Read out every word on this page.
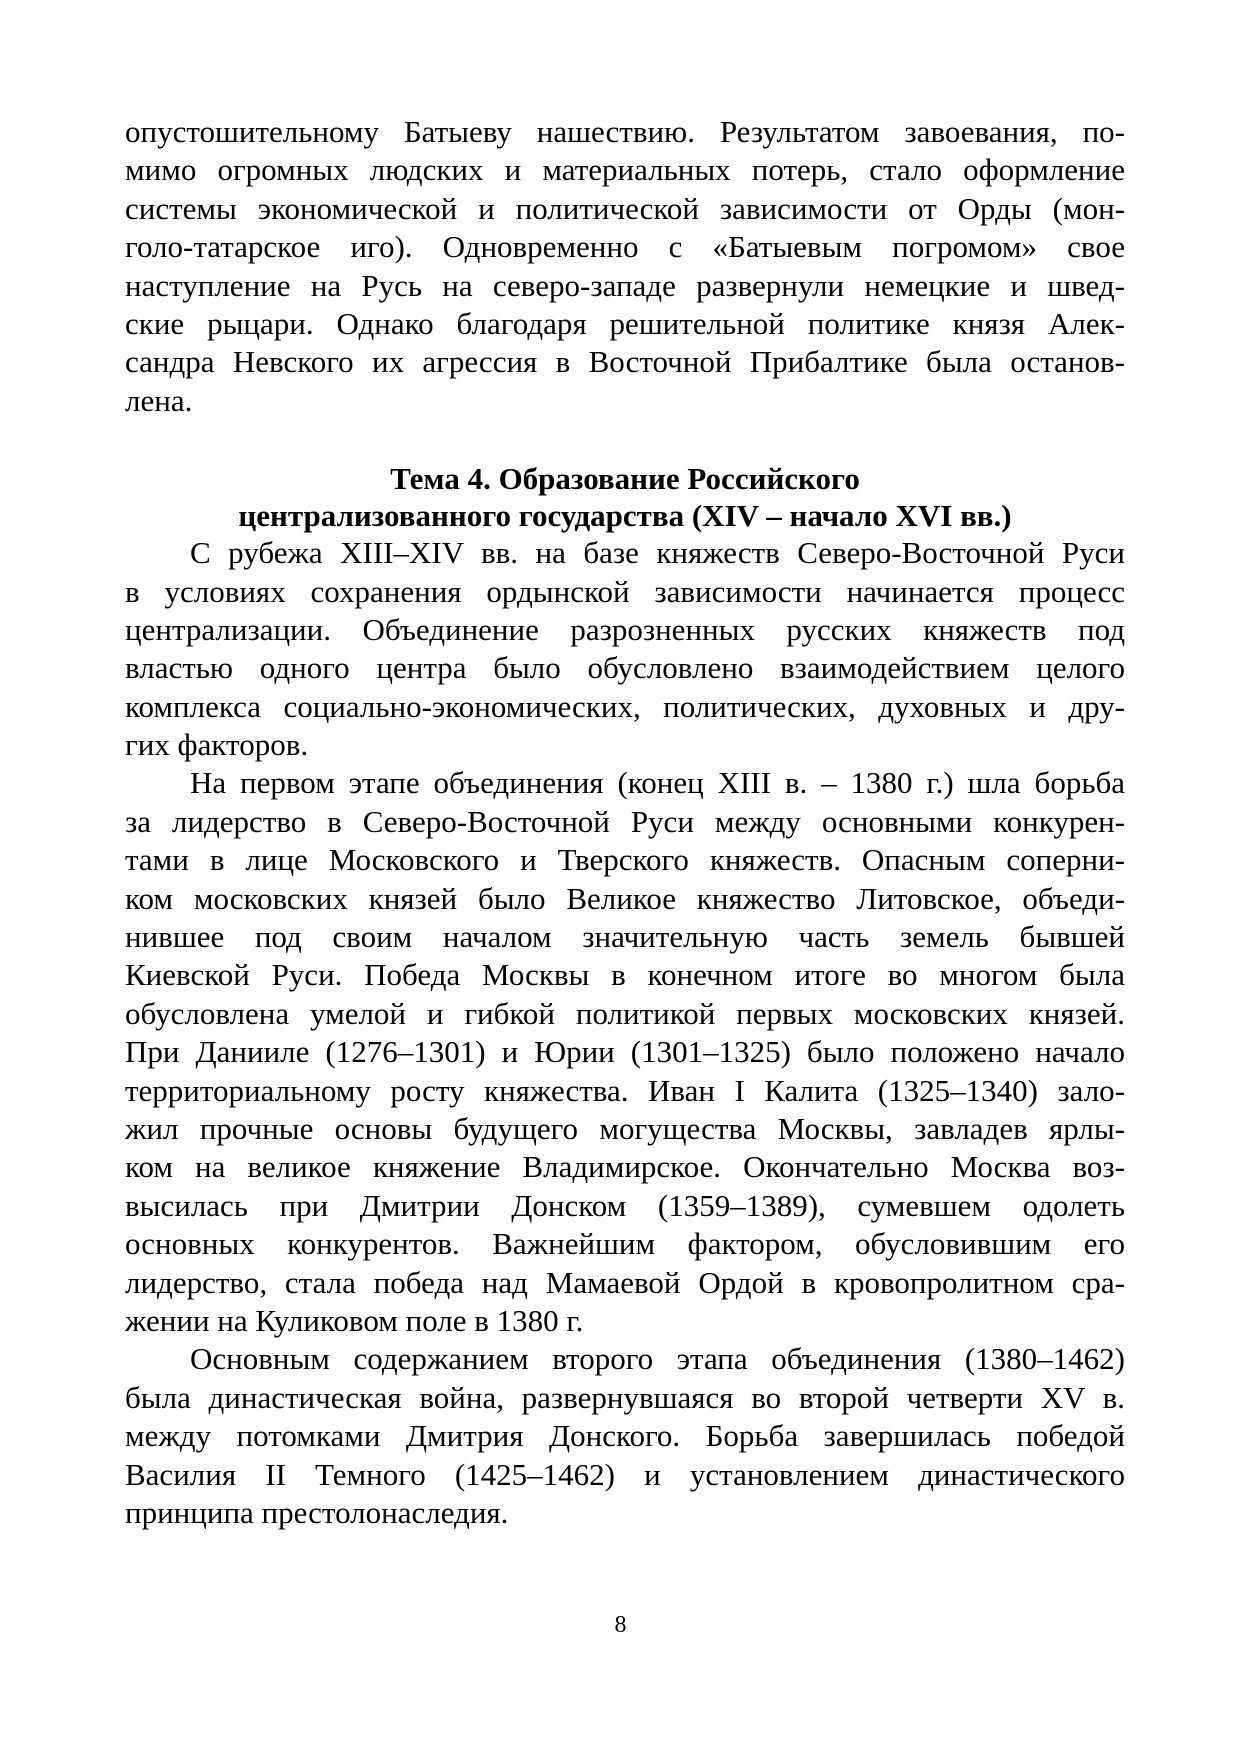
опустошительному Батыеву нашествию. Результатом завоевания, по-
мимо огромных людских и материальных потерь, стало оформление
системы экономической и политической зависимости от Орды (мон-
голо-татарское иго). Одновременно с «Батыевым погромом» свое
наступление на Русь на северо-западе развернули немецкие и швед-
ские рыцари. Однако благодаря решительной политике князя Алек-
сандра Невского их агрессия в Восточной Прибалтике была останов-
лена.
Тема 4. Образование Российского
централизованного государства (XIV – начало XVI вв.)
С рубежа XIII–XIV вв. на базе княжеств Северо-Восточной Руси
в условиях сохранения ордынской зависимости начинается процесс
централизации. Объединение разрозненных русских княжеств под
властью одного центра было обусловлено взаимодействием целого
комплекса социально-экономических, политических, духовных и дру-
гих факторов.
На первом этапе объединения (конец XIII в. – 1380 г.) шла борьба
за лидерство в Северо-Восточной Руси между основными конкурен-
тами в лице Московского и Тверского княжеств. Опасным соперни-
ком московских князей было Великое княжество Литовское, объеди-
нившее под своим началом значительную часть земель бывшей
Киевской Руси. Победа Москвы в конечном итоге во многом была
обусловлена умелой и гибкой политикой первых московских князей.
При Данииле (1276–1301) и Юрии (1301–1325) было положено начало
территориальному росту княжества. Иван I Калита (1325–1340) зало-
жил прочные основы будущего могущества Москвы, завладев ярлы-
ком на великое княжение Владимирское. Окончательно Москва воз-
высилась при Дмитрии Донском (1359–1389), сумевшем одолеть
основных конкурентов. Важнейшим фактором, обусловившим его
лидерство, стала победа над Мамаевой Ордой в кровопролитном сра-
жении на Куликовом поле в 1380 г.
Основным содержанием второго этапа объединения (1380–1462)
была династическая война, развернувшаяся во второй четверти XV в.
между потомками Дмитрия Донского. Борьба завершилась победой
Василия II Темного (1425–1462) и установлением династического
принципа престолонаследия.
8
